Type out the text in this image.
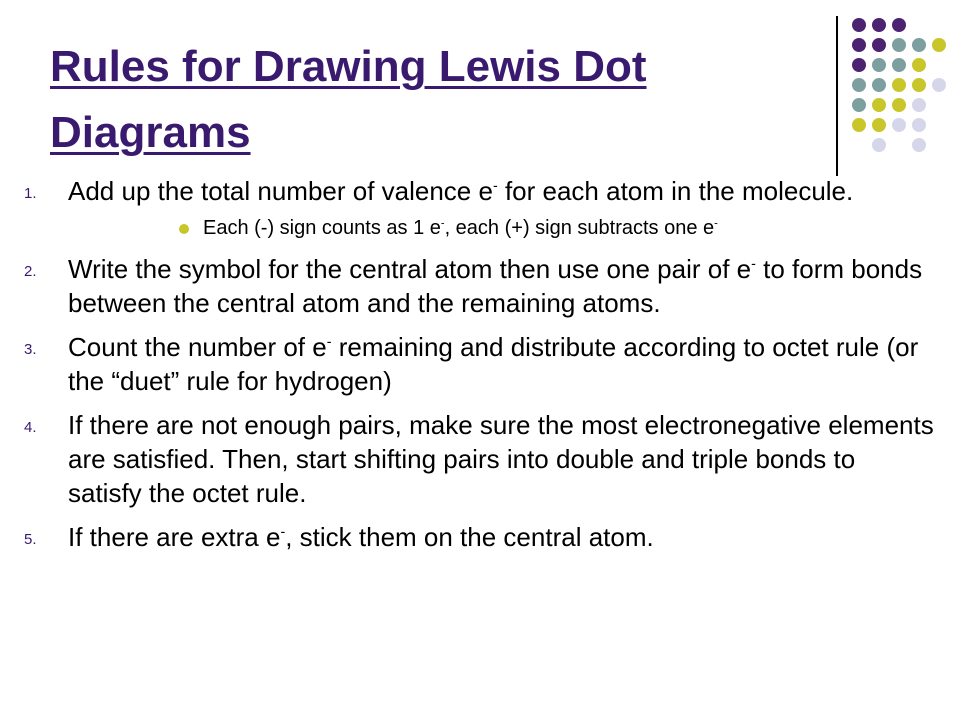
Rules for Drawing Lewis Dot Diagrams
1. Add up the total number of valence e- for each atom in the molecule.
Each (-) sign counts as 1 e-, each (+) sign subtracts one e-
2. Write the symbol for the central atom then use one pair of e- to form bonds between the central atom and the remaining atoms.
3. Count the number of e- remaining and distribute according to octet rule (or the “duet” rule for hydrogen)
4. If there are not enough pairs, make sure the most electronegative elements are satisfied. Then, start shifting pairs into double and triple bonds to satisfy the octet rule.
5. If there are extra e-, stick them on the central atom.
